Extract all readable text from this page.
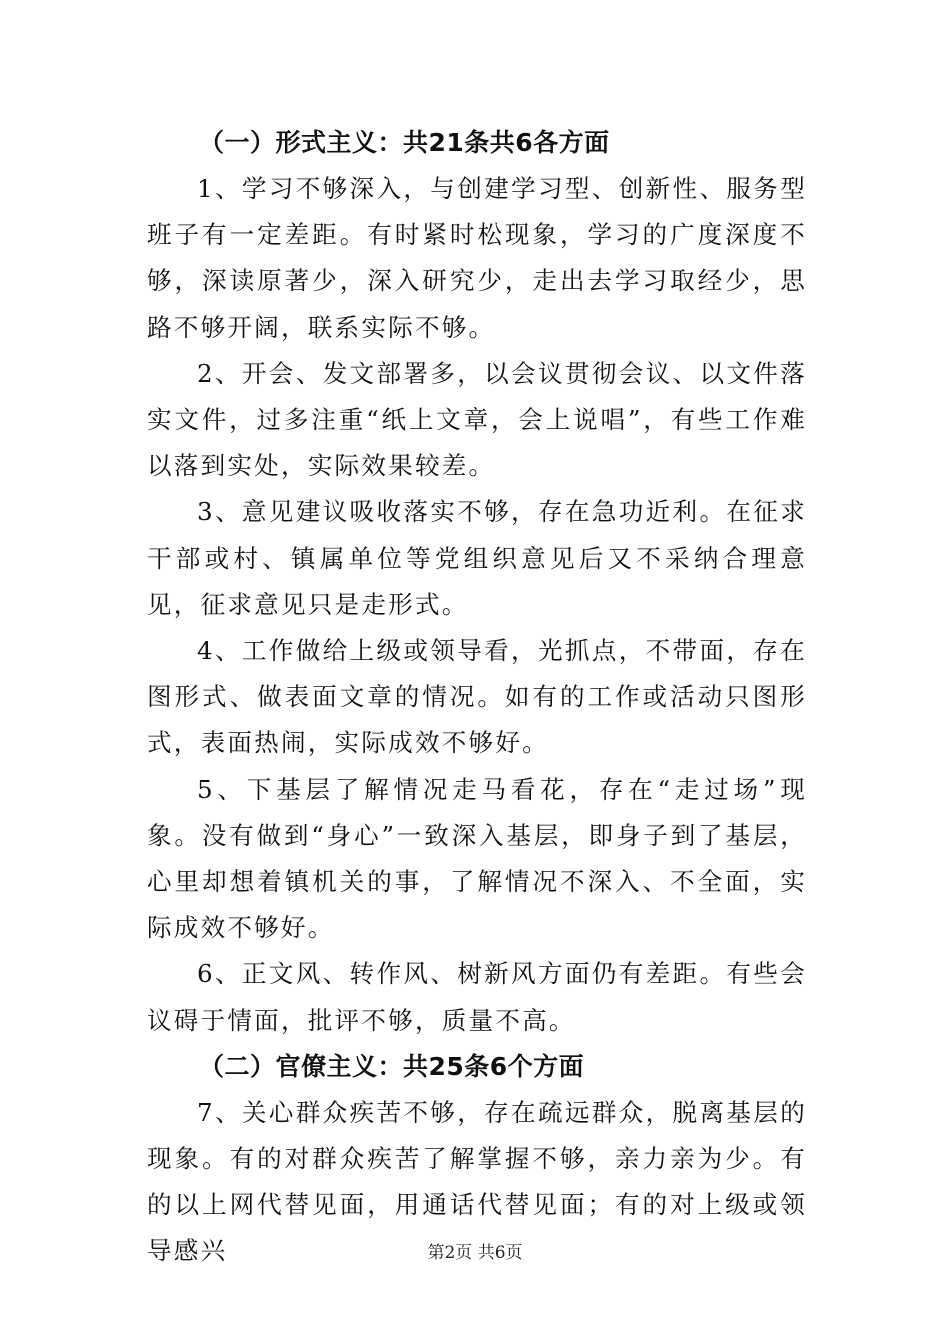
（一）形式主义：共21条共6各方面

1、学习不够深入，与创建学习型、创新性、服务型班子有一定差距。有时紧时松现象，学习的广度深度不够，深读原著少，深入研究少，走出去学习取经少，思路不够开阔，联系实际不够。

2、开会、发文部署多，以会议贯彻会议、以文件落实文件，过多注重“纸上文章，会上说唱”，有些工作难以落到实处，实际效果较差。

3、意见建议吸收落实不够，存在急功近利。在征求干部或村、镇属单位等党组织意见后又不采纳合理意见，征求意见只是走形式。

4、工作做给上级或领导看，光抓点，不带面，存在图形式、做表面文章的情况。如有的工作或活动只图形式，表面热闹，实际成效不够好。

5、下基层了解情况走马看花，存在“走过场”现象。没有做到“身心”一致深入基层，即身子到了基层，心里却想着镇机关的事，了解情况不深入、不全面，实际成效不够好。

6、正文风、转作风、树新风方面仍有差距。有些会议碍于情面，批评不够，质量不高。

（二）官僚主义：共25条6个方面

7、关心群众疾苦不够，存在疏远群众，脱离基层的现象。有的对群众疾苦了解掌握不够，亲力亲为少。有的以上网代替见面，用通话代替见面；有的对上级或领导感兴	第2页 共6页
